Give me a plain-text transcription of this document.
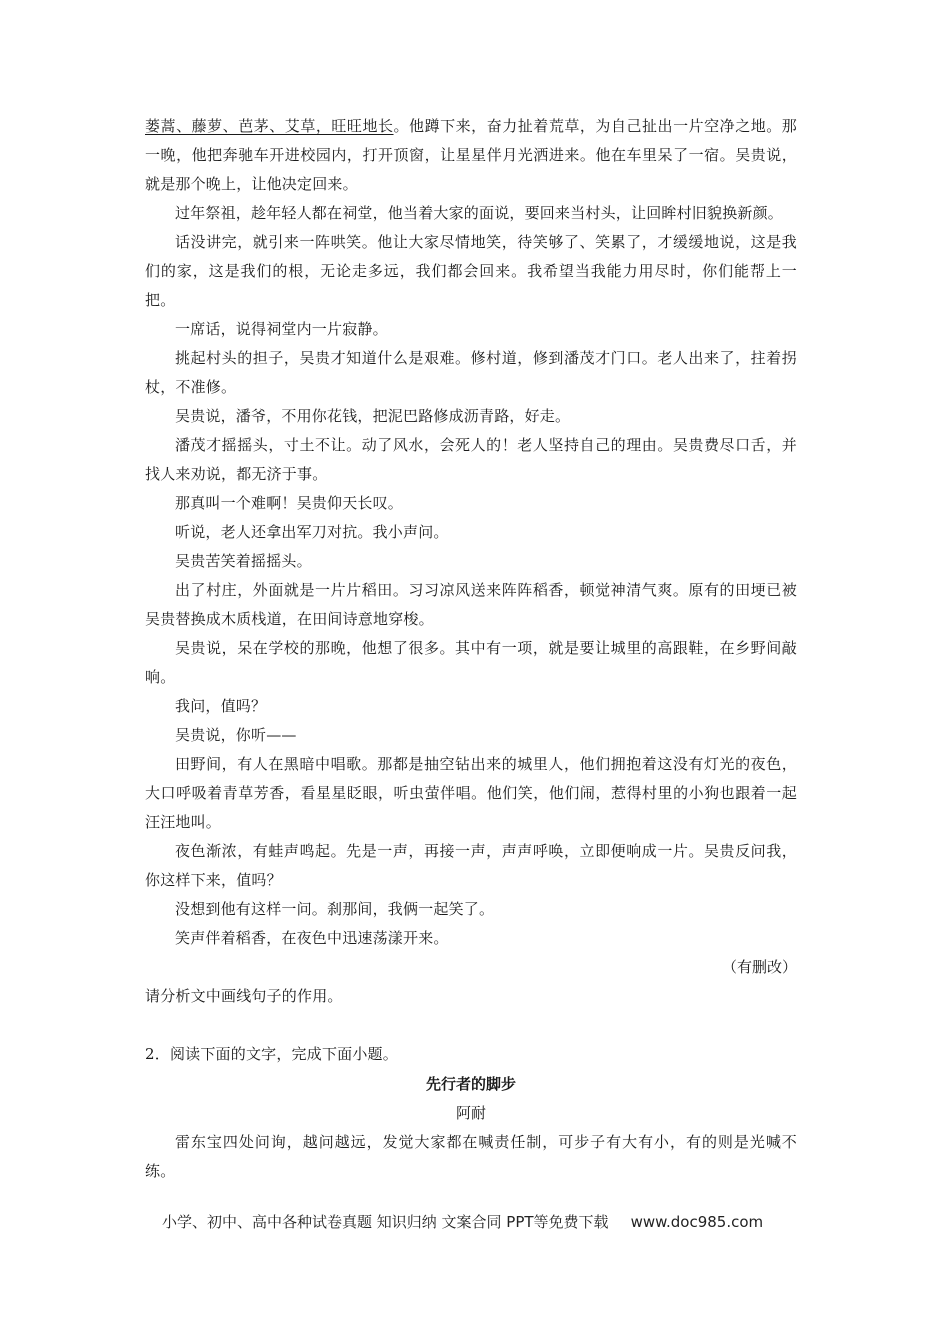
蒌蒿、藤萝、芭茅、艾草，旺旺地长。他蹲下来，奋力扯着荒草，为自己扯出一片空净之地。那一晚，他把奔驰车开进校园内，打开顶窗，让星星伴月光洒进来。他在车里呆了一宿。吴贵说，就是那个晚上，让他决定回来。

过年祭祖，趁年轻人都在祠堂，他当着大家的面说，要回来当村头，让回眸村旧貌换新颜。

话没讲完，就引来一阵哄笑。他让大家尽情地笑，待笑够了、笑累了，才缓缓地说，这是我们的家，这是我们的根，无论走多远，我们都会回来。我希望当我能力用尽时，你们能帮上一把。

一席话，说得祠堂内一片寂静。

挑起村头的担子，吴贵才知道什么是艰难。修村道，修到潘茂才门口。老人出来了，拄着拐杖，不准修。

吴贵说，潘爷，不用你花钱，把泥巴路修成沥青路，好走。

潘茂才摇摇头，寸土不让。动了风水，会死人的！老人坚持自己的理由。吴贵费尽口舌，并找人来劝说，都无济于事。

那真叫一个难啊！吴贵仰天长叹。

听说，老人还拿出军刀对抗。我小声问。

吴贵苦笑着摇摇头。

出了村庄，外面就是一片片稻田。习习凉风送来阵阵稻香，顿觉神清气爽。原有的田埂已被吴贵替换成木质栈道，在田间诗意地穿梭。

吴贵说，呆在学校的那晚，他想了很多。其中有一项，就是要让城里的高跟鞋，在乡野间敲响。

我问，值吗？

吴贵说，你听——

田野间，有人在黑暗中唱歌。那都是抽空钻出来的城里人，他们拥抱着这没有灯光的夜色，大口呼吸着青草芳香，看星星眨眼，听虫萤伴唱。他们笑，他们闹，惹得村里的小狗也跟着一起汪汪地叫。

夜色渐浓，有蛙声鸣起。先是一声，再接一声，声声呼唤，立即便响成一片。吴贵反问我，你这样下来，值吗？

没想到他有这样一问。刹那间，我俩一起笑了。

笑声伴着稻香，在夜色中迅速荡漾开来。

（有删改）

请分析文中画线句子的作用。

2．阅读下面的文字，完成下面小题。

先行者的脚步

阿耐

雷东宝四处问询，越问越远，发觉大家都在喊责任制，可步子有大有小，有的则是光喊不练。

小学、初中、高中各种试卷真题 知识归纳 文案合同 PPT等免费下载 www.doc985.com
